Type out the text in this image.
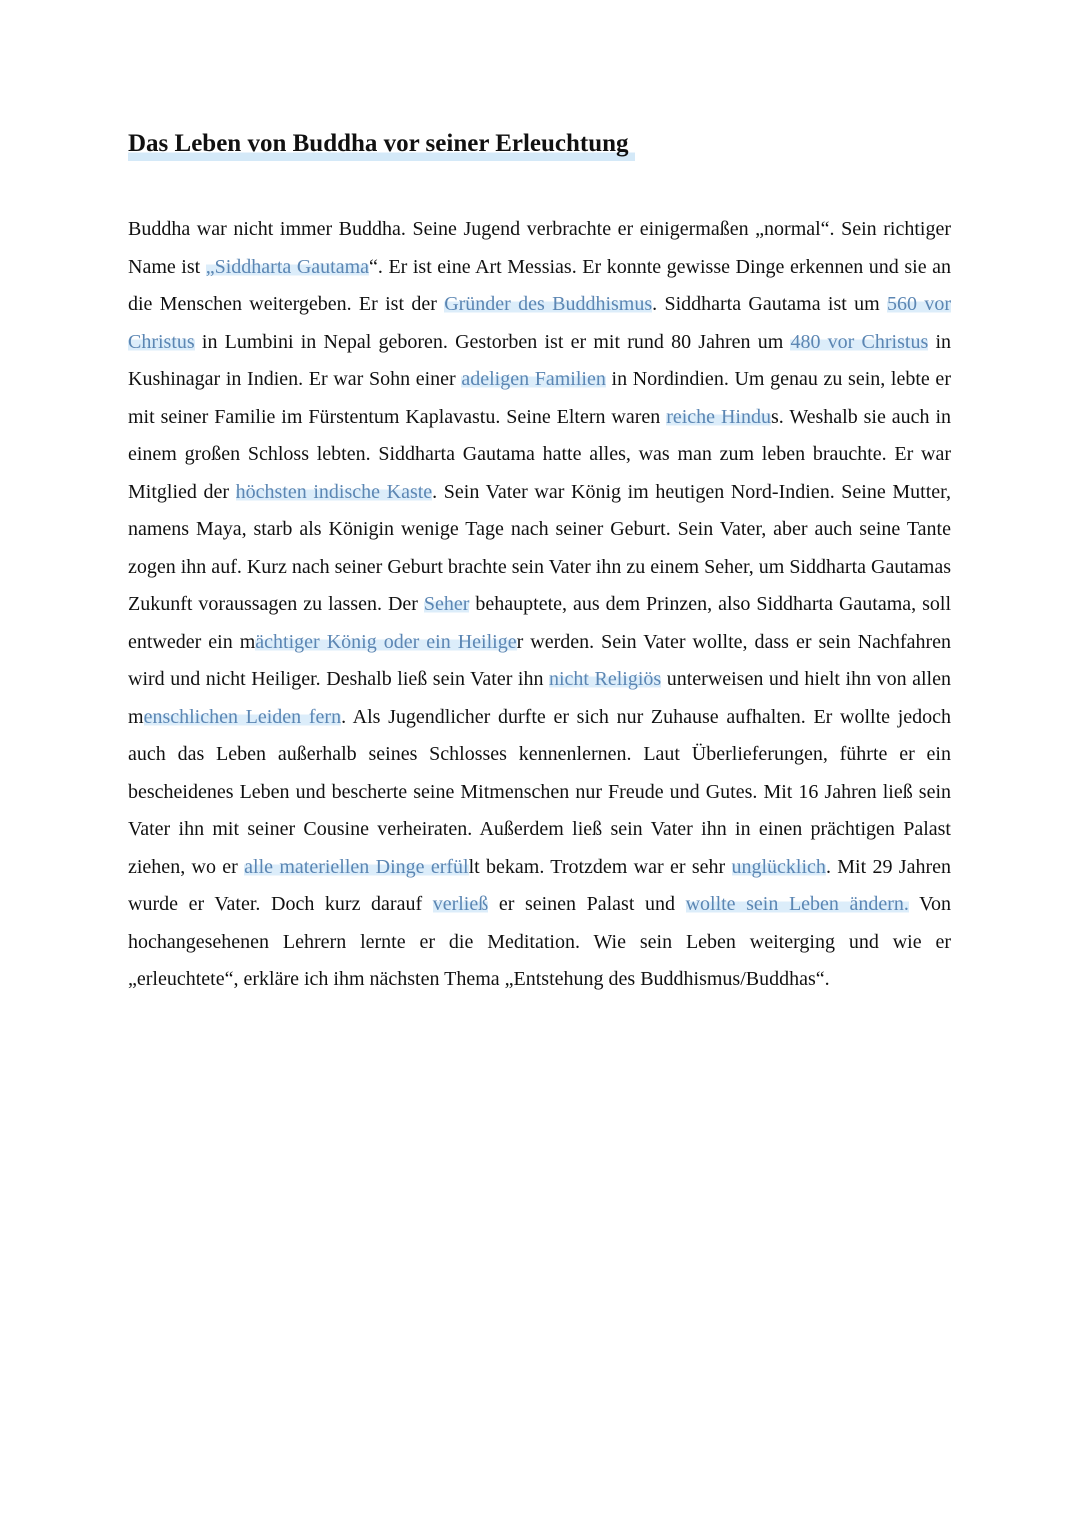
Das Leben von Buddha vor seiner Erleuchtung

Buddha war nicht immer Buddha. Seine Jugend verbrachte er einigermaßen „normal“. Sein richtiger Name ist „Siddharta Gautama“. Er ist eine Art Messias. Er konnte gewisse Dinge erkennen und sie an die Menschen weitergeben. Er ist der Gründer des Buddhismus. Siddharta Gautama ist um 560 vor Christus in Lumbini in Nepal geboren. Gestorben ist er mit rund 80 Jahren um 480 vor Christus in Kushinagar in Indien. Er war Sohn einer adeligen Familien in Nordindien. Um genau zu sein, lebte er mit seiner Familie im Fürstentum Kaplavastu. Seine Eltern waren reiche Hindus. Weshalb sie auch in einem großen Schloss lebten. Siddharta Gautama hatte alles, was man zum leben brauchte. Er war Mitglied der höchsten indische Kaste. Sein Vater war König im heutigen Nord-Indien. Seine Mutter, namens Maya, starb als Königin wenige Tage nach seiner Geburt. Sein Vater, aber auch seine Tante zogen ihn auf. Kurz nach seiner Geburt brachte sein Vater ihn zu einem Seher, um Siddharta Gautamas Zukunft voraussagen zu lassen. Der Seher behauptete, aus dem Prinzen, also Siddharta Gautama, soll entweder ein mächtiger König oder ein Heiliger werden. Sein Vater wollte, dass er sein Nachfahren wird und nicht Heiliger. Deshalb ließ sein Vater ihn nicht Religiös unterweisen und hielt ihn von allen menschlichen Leiden fern. Als Jugendlicher durfte er sich nur Zuhause aufhalten. Er wollte jedoch auch das Leben außerhalb seines Schlosses kennenlernen. Laut Überlieferungen, führte er ein bescheidenes Leben und bescherte seine Mitmenschen nur Freude und Gutes. Mit 16 Jahren ließ sein Vater ihn mit seiner Cousine verheiraten. Außerdem ließ sein Vater ihn in einen prächtigen Palast ziehen, wo er alle materiellen Dinge erfüllt bekam. Trotzdem war er sehr unglücklich. Mit 29 Jahren wurde er Vater. Doch kurz darauf verließ er seinen Palast und wollte sein Leben ändern. Von hochangesehenen Lehrern lernte er die Meditation. Wie sein Leben weiterging und wie er „erleuchtete“, erkläre ich ihm nächsten Thema „Entstehung des Buddhismus/Buddhas“.
